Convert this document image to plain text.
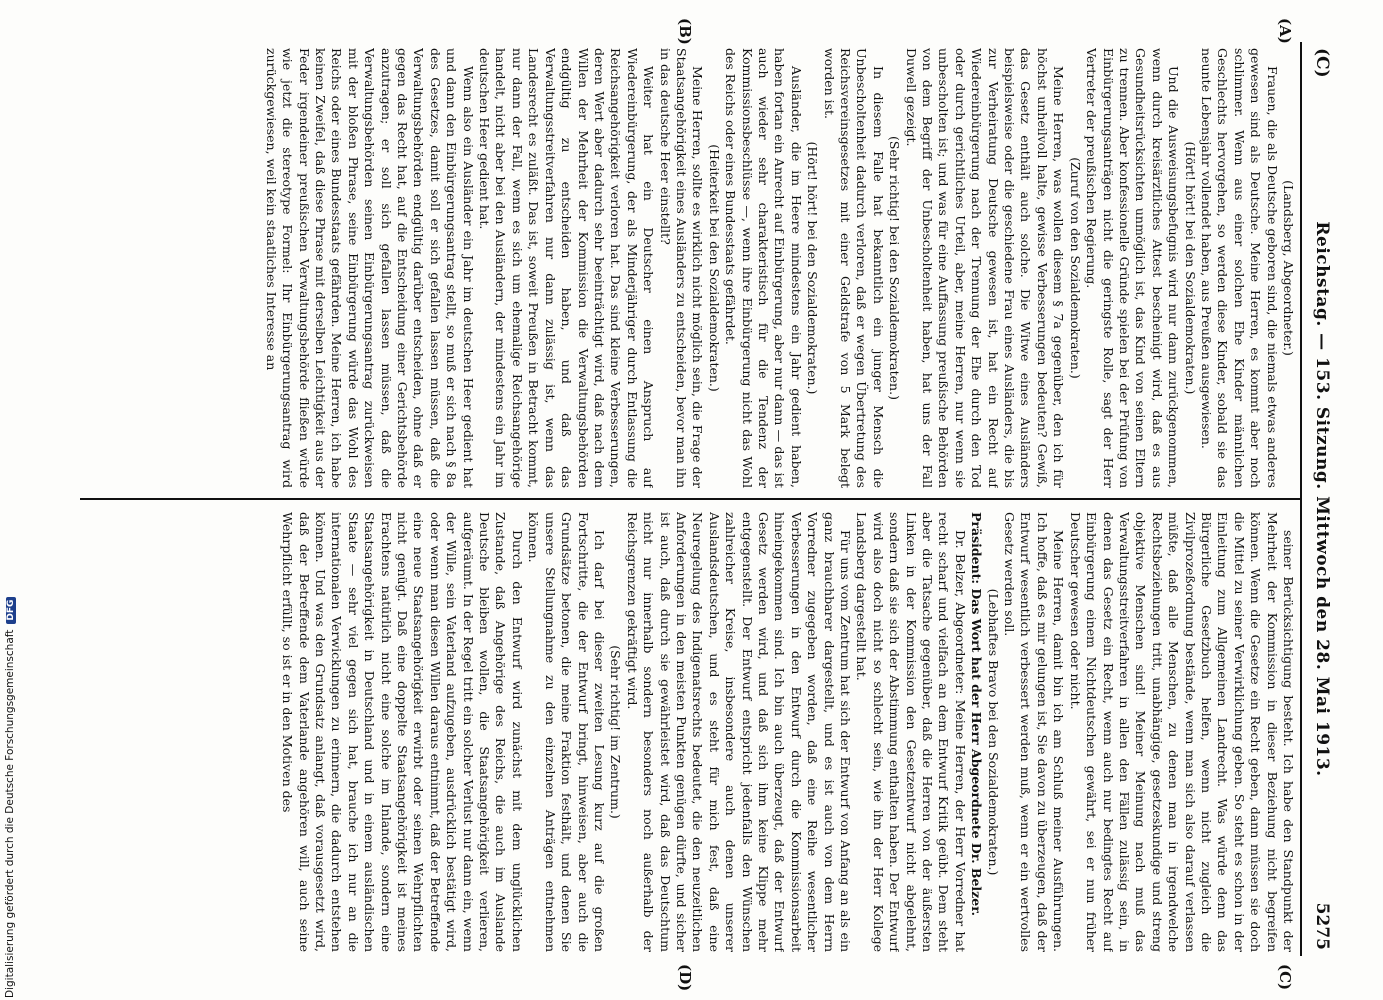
Digitalisierung gefördert durch die Deutsche ForschungsgemeinschaftDFG
(C)
Reichstag. — 153. Sitzung. Mittwoch den 28. Mai 1913.
5275

(Landsberg, Abgeordneter.)

Frauen, die als Deutsche geboren sind, die niemals etwas anderes gewesen sind als Deutsche. Meine Herren, es kommt aber noch schlimmer. Wenn aus einer solchen Ehe Kinder männlichen Geschlechts hervorgehen, so werden diese Kinder, sobald sie das neunte Lebensjahr vollendet haben, aus Preußen ausgewiesen.

(Hört! hört! bei den Sozialdemokraten.)

Und die Ausweisungsbefugnis wird nur dann zurückgenommen, wenn durch kreisärztliches Attest bescheinigt wird, daß es aus Gesundheitsrücksichten unmöglich ist, das Kind von seinen Eltern zu trennen. Aber konfessionelle Gründe spielen bei der Prüfung von Einbürgerungsanträgen nicht die geringste Rolle, sagt der Herr Vertreter der preußischen Regierung.

(Zuruf von den Sozialdemokraten.)

Meine Herren, was wollen diesem § 7a gegenüber, den ich für höchst unheilvoll halte, gewisse Verbesserungen bedeuten? Gewiß, das Gesetz enthält auch solche. Die Witwe eines Ausländers beispielsweise oder die geschiedene Frau eines Ausländers, die bis zur Verheiratung Deutsche gewesen ist, hat ein Recht auf Wiedereinbürgerung nach der Trennung der Ehe durch den Tod oder durch gerichtliches Urteil, aber, meine Herren, nur wenn sie unbescholten ist; und was für eine Auffassung preußische Behörden von dem Begriff der Unbescholtenheit haben, hat uns der Fall Duwell gezeigt.

(Sehr richtig! bei den Sozialdemokraten.)

In diesem Falle hat bekanntlich ein junger Mensch die Unbescholtenheit dadurch verloren, daß er wegen Übertretung des Reichsvereinsgesetzes mit einer Geldstrafe von 5 Mark belegt worden ist.

(Hört! hört! bei den Sozialdemokraten.)

Ausländer, die im Heere mindestens ein Jahr gedient haben, haben fortan ein Anrecht auf Einbürgerung, aber nur dann — das ist auch wieder sehr charakteristisch für die Tendenz der Kommissionsbeschlüsse —, wenn ihre Einbürgerung nicht das Wohl des Reichs oder eines Bundesstaats gefährdet.

(Heiterkeit bei den Sozialdemokraten.)

Meine Herren, sollte es wirklich nicht möglich sein, die Frage der Staatsangehörigkeit eines Ausländers zu entscheiden, bevor man ihn in das deutsche Heer einstellt?

Weiter hat ein Deutscher einen Anspruch auf Wiedereinbürgerung, der als Minderjähriger durch Entlassung die Reichsangehörigkeit verloren hat. Das sind kleine Verbesserungen, deren Wert aber dadurch sehr beeinträchtigt wird, daß nach dem Willen der Mehrheit der Kommission die Verwaltungsbehörden endgültig zu entscheiden haben, und daß das Verwaltungsstreitverfahren nur dann zulässig ist, wenn das Landesrecht es zuläßt. Das ist, soweit Preußen in Betracht kommt, nur dann der Fall, wenn es sich um ehemalige Reichsangehörige handelt, nicht aber bei den Ausländern, der mindestens ein Jahr im deutschen Heer gedient hat.

Wenn also ein Ausländer ein Jahr im deutschen Heer gedient hat und dann den Einbürgerungsantrag stellt, so muß er sich nach § 8a des Gesetzes, damit soll er sich gefallen lassen müssen, daß die Verwaltungsbehörden endgültig darüber entscheiden, ohne daß er gegen das Recht hat, auf die Entscheidung einer Gerichtsbehörde anzutragen; er soll sich gefallen lassen müssen, daß die Verwaltungsbehörden seinen Einbürgerungsantrag zurückweisen mit der bloßen Phrase, seine Einbürgerung würde das Wohl des Reichs oder eines Bundesstaats gefährden. Meine Herren, ich habe keinen Zweifel, daß diese Phrase mit derselben Leichtigkeit aus der Feder irgendeiner preußischen Verwaltungsbehörde fließen würde wie jetzt die stereotype Formel: Ihr Einbürgerungsantrag wird zurückgewiesen, weil kein staatliches Interesse an

seiner Berücksichtigung besteht. Ich habe den Standpunkt der Mehrheit der Kommission in dieser Beziehung nicht begreifen können. Wenn die Gesetze ein Recht geben, dann müssen sie doch die Mittel zu seiner Verwirklichung geben. So steht es schon in der Einleitung zum Allgemeinen Landrecht. Was würde denn das Bürgerliche Gesetzbuch helfen, wenn nicht zugleich die Zivilprozeßordnung bestände, wenn man sich also darauf verlassen müßte, daß alle Menschen, zu denen man in irgendwelche Rechtsbeziehungen tritt, unabhängige, gesetzeskundige und streng objektive Menschen sind! Meiner Meinung nach muß das Verwaltungsstreitverfahren in allen den Fällen zulässig sein, in denen das Gesetz ein Recht, wenn auch nur bedingtes Recht auf Einbürgerung einem Nichtdeutschen gewährt, sei er nun früher Deutscher gewesen oder nicht.

Meine Herren, damit bin ich am Schluß meiner Ausführungen. Ich hoffe, daß es mir gelungen ist, Sie davon zu überzeugen, daß der Entwurf wesentlich verbessert werden muß, wenn er ein wertvolles Gesetz werden soll.

(Lebhaftes Bravo bei den Sozialdemokraten.)

Präsident: Das Wort hat der Herr Abgeordnete Dr. Belzer.

Dr. Belzer, Abgeordneter: Meine Herren, der Herr Vorredner hat recht scharf und vielfach an dem Entwurf Kritik geübt. Dem steht aber die Tatsache gegenüber, daß die Herren von der äußersten Linken in der Kommission den Gesetzentwurf nicht abgelehnt, sondern daß sie sich der Abstimmung enthalten haben. Der Entwurf wird also doch nicht so schlecht sein, wie ihn der Herr Kollege Landsberg dargestellt hat.

Für uns vom Zentrum hat sich der Entwurf von Anfang an als ein ganz brauchbarer dargestellt, und es ist auch von dem Herrn Vorredner zugegeben worden, daß eine Reihe wesentlicher Verbesserungen in den Entwurf durch die Kommissionsarbeit hineingekommen sind. Ich bin auch überzeugt, daß der Entwurf Gesetz werden wird, und daß sich ihm keine Klippe mehr entgegenstellt. Der Entwurf entspricht jedenfalls den Wünschen zahlreicher Kreise, insbesondere auch denen unserer Auslandsdeutschen, und es steht für mich fest, daß eine Neuregelung des Indigenatsrechts bedeutet, die den neuzeitlichen Anforderungen in den meisten Punkten genügen dürfte, und sicher ist auch, daß durch sie gewährleistet wird, daß das Deutschtum nicht nur innerhalb sondern besonders noch außerhalb der Reichsgrenzen gekräftigt wird.

(Sehr richtig! im Zentrum.)

Ich darf bei dieser zweiten Lesung kurz auf die großen Fortschritte, die der Entwurf bringt, hinweisen, aber auch die Grundsätze betonen, die meine Fraktion festhält, und denen Sie unsere Stellungnahme zu den einzelnen Anträgen entnehmen können.

Durch den Entwurf wird zunächst mit dem unglücklichen Zustande, daß Angehörige des Reichs, die auch im Auslande Deutsche bleiben wollen, die Staatsangehörigkeit verlieren, aufgeräumt. In der Regel tritt ein solcher Verlust nur dann ein, wenn der Wille, sein Vaterland aufzugeben, ausdrücklich bestätigt wird, oder wenn man diesen Willen daraus entnimmt, daß der Betreffende eine neue Staatsangehörigkeit erwirbt oder seinen Wehrpflichten nicht genügt. Daß eine doppelte Staatsangehörigkeit ist meines Erachtens natürlich nicht eine solche im Inlande, sondern eine Staatsangehörigkeit in Deutschland und in einem ausländischen Staate — sehr viel gegen sich hat, brauche ich nur an die internationalen Verwicklungen zu erinnern, die dadurch entstehen können. Und was den Grundsatz anlangt, daß vorausgesetzt wird, daß der Betreffende dem Vaterlande angehören will, auch seine Wehrpflicht erfüllt, so ist er in den Motiven des

(A)
(B)
(C)
(D)
